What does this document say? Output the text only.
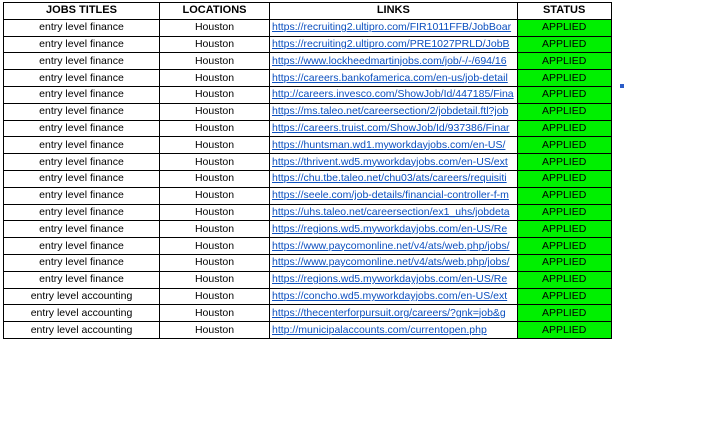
JOBS TITLES	LOCATIONS	LINKS	STATUS
entry level finance	Houston	https://recruiting2.ultipro.com/FIR1011FFB/JobBoar	APPLIED
entry level finance	Houston	https://recruiting2.ultipro.com/PRE1027PRLD/JobB	APPLIED
entry level finance	Houston	https://www.lockheedmartinjobs.com/job/-/-/694/16	APPLIED
entry level finance	Houston	https://careers.bankofamerica.com/en-us/job-detail	APPLIED
entry level finance	Houston	http://careers.invesco.com/ShowJob/Id/447185/Fina	APPLIED
entry level finance	Houston	https://ms.taleo.net/careersection/2/jobdetail.ftl?job	APPLIED
entry level finance	Houston	https://careers.truist.com/ShowJob/Id/937386/Finar	APPLIED
entry level finance	Houston	https://huntsman.wd1.myworkdayjobs.com/en-US/	APPLIED
entry level finance	Houston	https://thrivent.wd5.myworkdayjobs.com/en-US/ext	APPLIED
entry level finance	Houston	https://chu.tbe.taleo.net/chu03/ats/careers/requisiti	APPLIED
entry level finance	Houston	https://seele.com/job-details/financial-controller-f-m	APPLIED
entry level finance	Houston	https://uhs.taleo.net/careersection/ex1_uhs/jobdeta	APPLIED
entry level finance	Houston	https://regions.wd5.myworkdayjobs.com/en-US/Re	APPLIED
entry level finance	Houston	https://www.paycomonline.net/v4/ats/web.php/jobs/	APPLIED
entry level finance	Houston	https://www.paycomonline.net/v4/ats/web.php/jobs/	APPLIED
entry level finance	Houston	https://regions.wd5.myworkdayjobs.com/en-US/Re	APPLIED
entry level accounting	Houston	https://concho.wd5.myworkdayjobs.com/en-US/ext	APPLIED
entry level accounting	Houston	https://thecenterforpursuit.org/careers/?gnk=job&g	APPLIED
entry level accounting	Houston	http://municipalaccounts.com/currentopen.php	APPLIED
